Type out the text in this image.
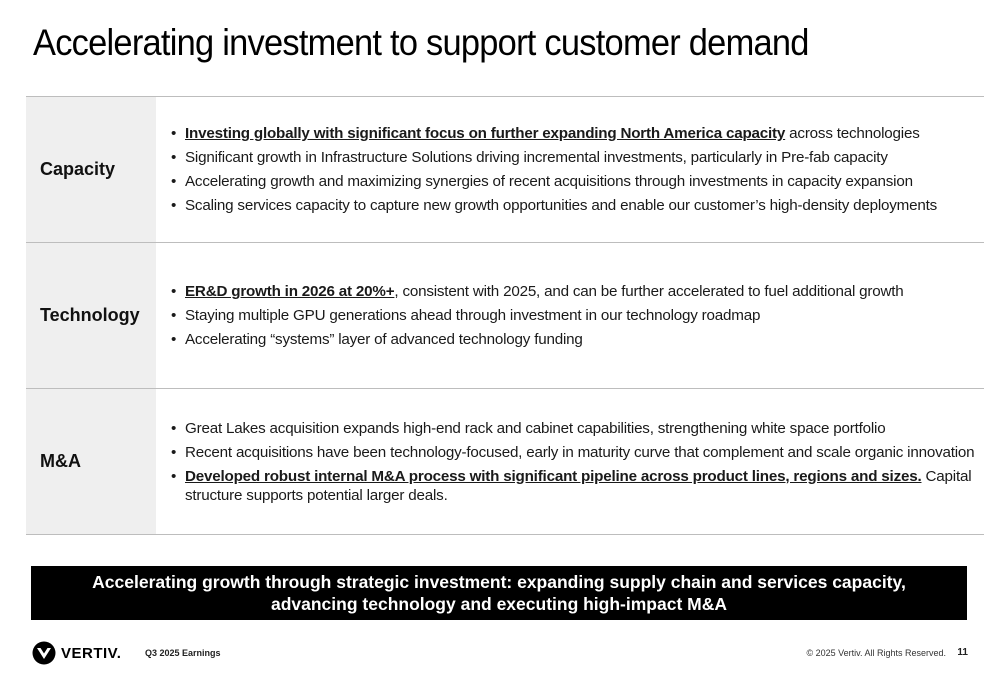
Accelerating investment to support customer demand
Capacity
• Investing globally with significant focus on further expanding North America capacity across technologies
• Significant growth in Infrastructure Solutions driving incremental investments, particularly in Pre-fab capacity
• Accelerating growth and maximizing synergies of recent acquisitions through investments in capacity expansion
• Scaling services capacity to capture new growth opportunities and enable our customer’s high-density deployments
Technology
• ER&D growth in 2026 at 20%+, consistent with 2025, and can be further accelerated to fuel additional growth
• Staying multiple GPU generations ahead through investment in our technology roadmap
• Accelerating “systems” layer of advanced technology funding
M&A
• Great Lakes acquisition expands high-end rack and cabinet capabilities, strengthening white space portfolio
• Recent acquisitions have been technology-focused, early in maturity curve that complement and scale organic innovation
• Developed robust internal M&A process with significant pipeline across product lines, regions and sizes. Capital structure supports potential larger deals.
Accelerating growth through strategic investment: expanding supply chain and services capacity, advancing technology and executing high-impact M&A
VERTIV.	Q3 2025 Earnings	© 2025 Vertiv. All Rights Reserved. 11
